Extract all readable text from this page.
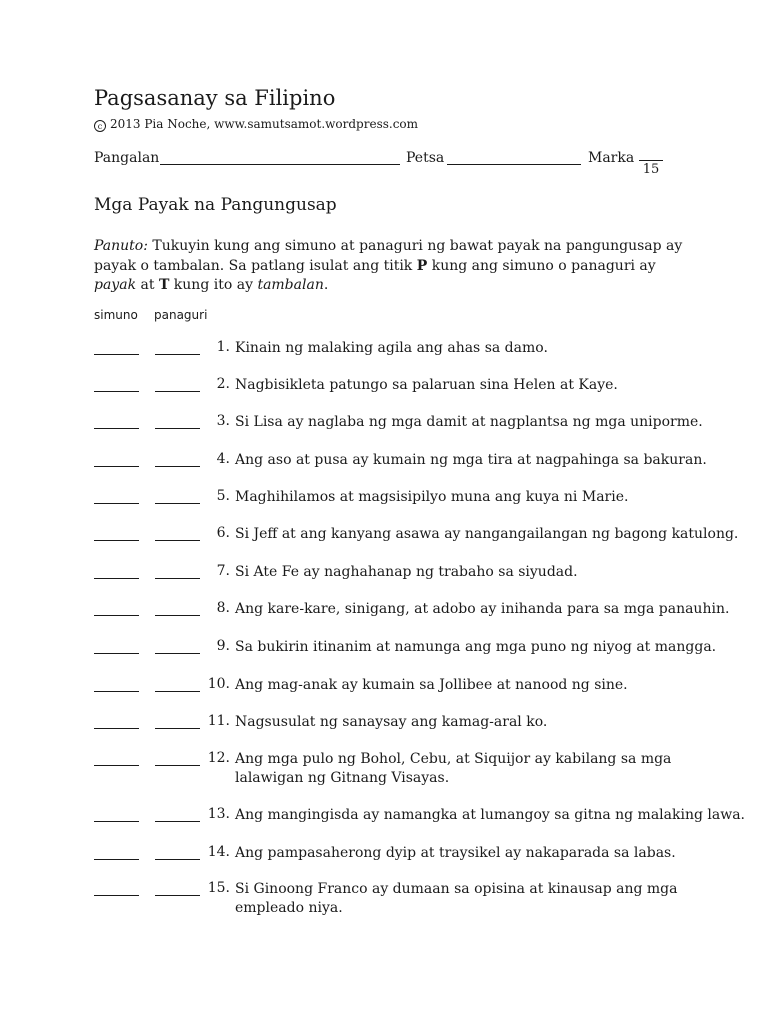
Pagsasanay sa Filipino
c 2013 Pia Noche, www.samutsamot.wordpress.com
Pangalan	Petsa	Marka
15
Mga Payak na Pangungusap
Panuto: Tukuyin kung ang simuno at panaguri ng bawat payak na pangungusap ay payak o tambalan. Sa patlang isulat ang titik P kung ang simuno o panaguri ay payak at T kung ito ay tambalan.
simuno panaguri
1. Kinain ng malaking agila ang ahas sa damo.
2. Nagbisikleta patungo sa palaruan sina Helen at Kaye.
3. Si Lisa ay naglaba ng mga damit at nagplantsa ng mga uniporme.
4. Ang aso at pusa ay kumain ng mga tira at nagpahinga sa bakuran.
5. Maghihilamos at magsisipilyo muna ang kuya ni Marie.
6. Si Jeff at ang kanyang asawa ay nangangailangan ng bagong katulong.
7. Si Ate Fe ay naghahanap ng trabaho sa siyudad.
8. Ang kare-kare, sinigang, at adobo ay inihanda para sa mga panauhin.
9. Sa bukirin itinanim at namunga ang mga puno ng niyog at mangga.
10. Ang mag-anak ay kumain sa Jollibee at nanood ng sine.
11. Nagsusulat ng sanaysay ang kamag-aral ko.
12. Ang mga pulo ng Bohol, Cebu, at Siquijor ay kabilang sa mga
lalawigan ng Gitnang Visayas.
13. Ang mangingisda ay namangka at lumangoy sa gitna ng malaking lawa.
14. Ang pampasaherong dyip at traysikel ay nakaparada sa labas.
15. Si Ginoong Franco ay dumaan sa opisina at kinausap ang mga
empleado niya.
